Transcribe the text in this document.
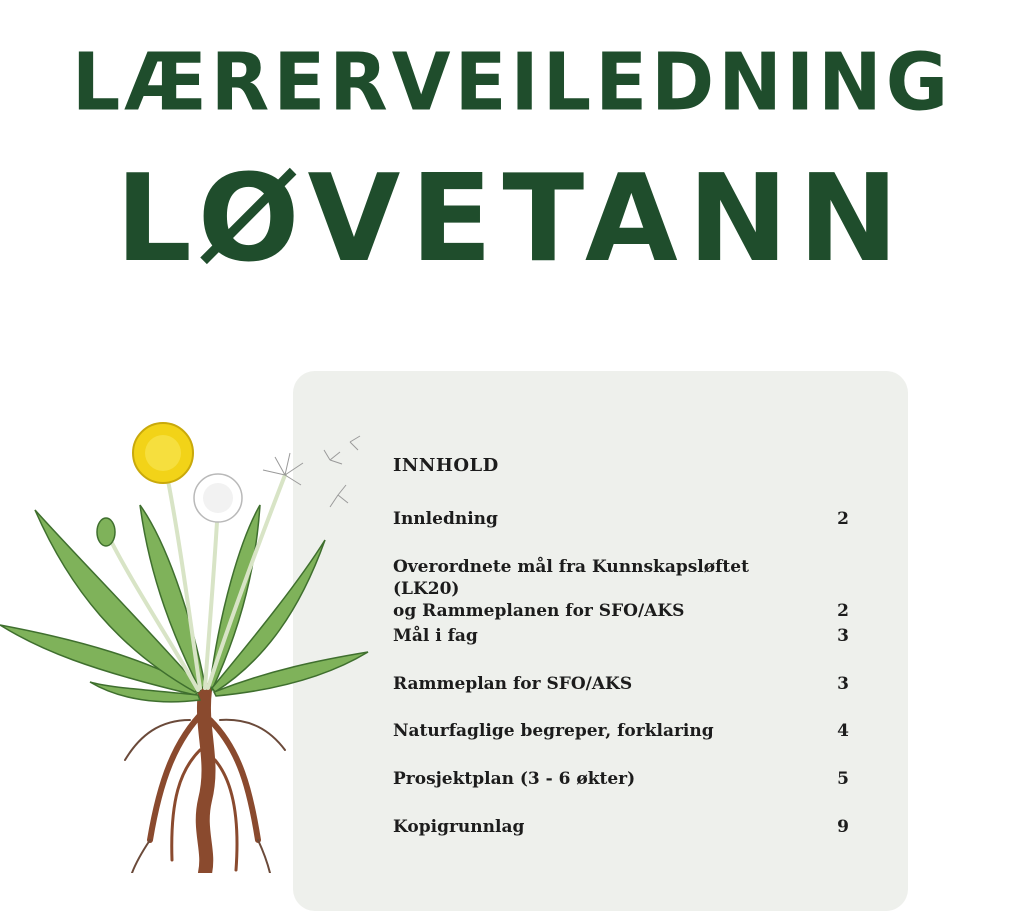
LÆRERVEILEDNING
LØVETANN
INNHOLD
Innledning	2
Overordnete mål fra Kunnskapsløftet (LK20)
og Rammeplanen for SFO/AKS	2
Mål i fag	3
Rammeplan for SFO/AKS	3
Naturfaglige begreper, forklaring	4
Prosjektplan (3 - 6 økter)	5
Kopigrunnlag	9
